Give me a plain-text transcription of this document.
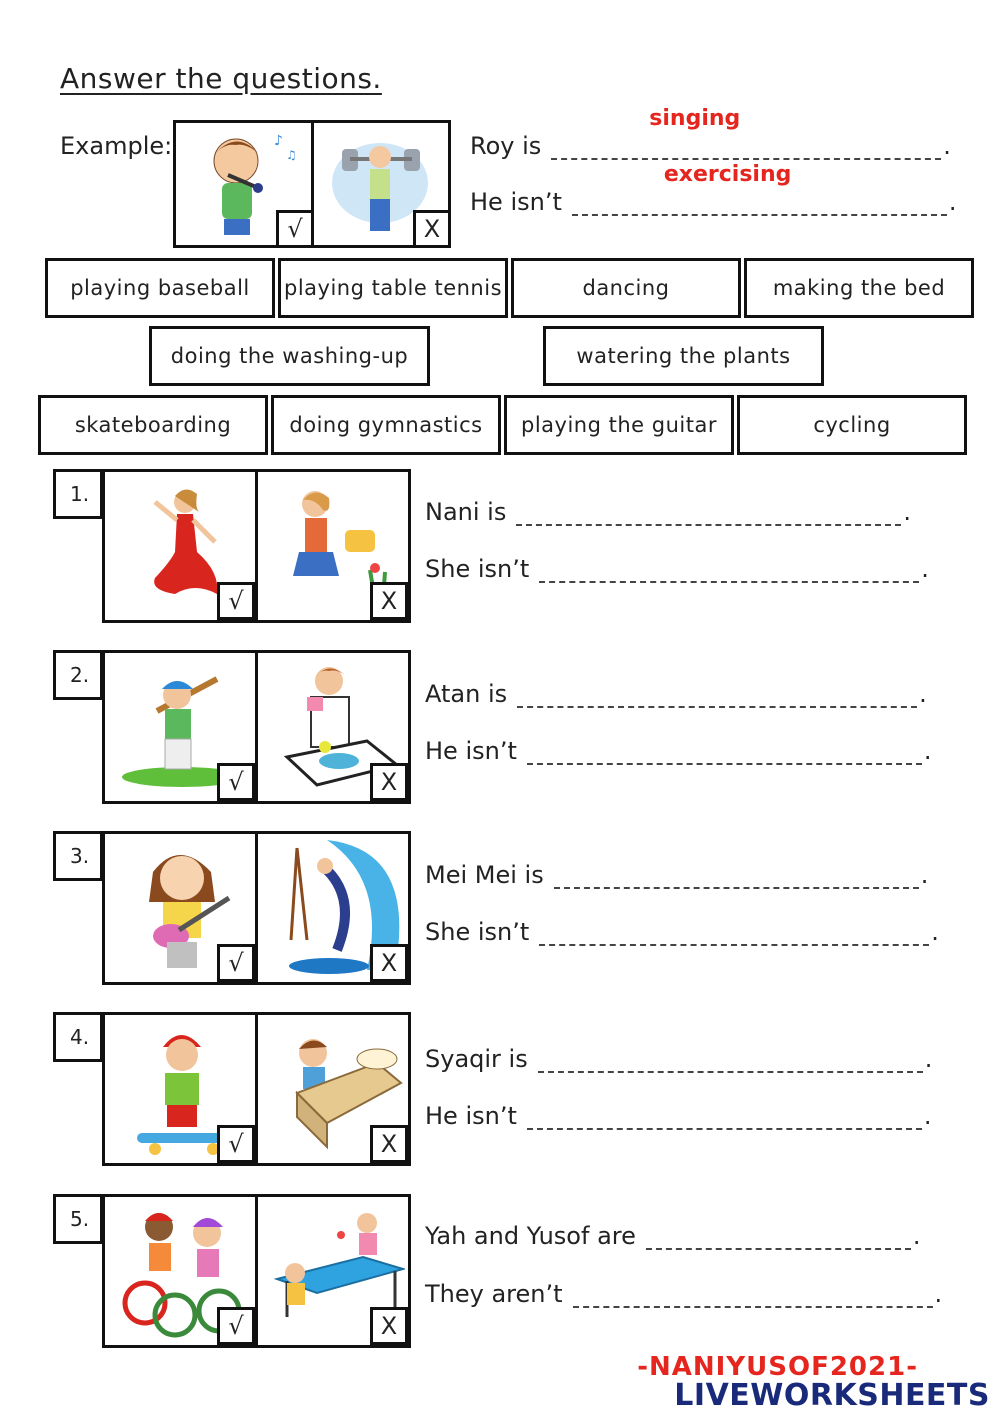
Answer the questions.
Example:	♪
♫
√	X
Roy is
singing
.
He isn’t
exercising
.
playing baseball	playing table tennis	dancing	making the bed
doing the washing-up	watering the plants
skateboarding	doing gymnastics	playing the guitar	cycling
√	X
1.
Nani is	.
She isn’t	.
√	X
2.
Atan is	.
He isn’t	.
√	X
3.
Mei Mei is	.
She isn’t	.
√	X
4.
Syaqir is	.
He isn’t	.
√	X
5.
Yah and Yusof are	.
They aren’t	.
-NANIYUSOF2021-
LIVEWORKSHEETS
